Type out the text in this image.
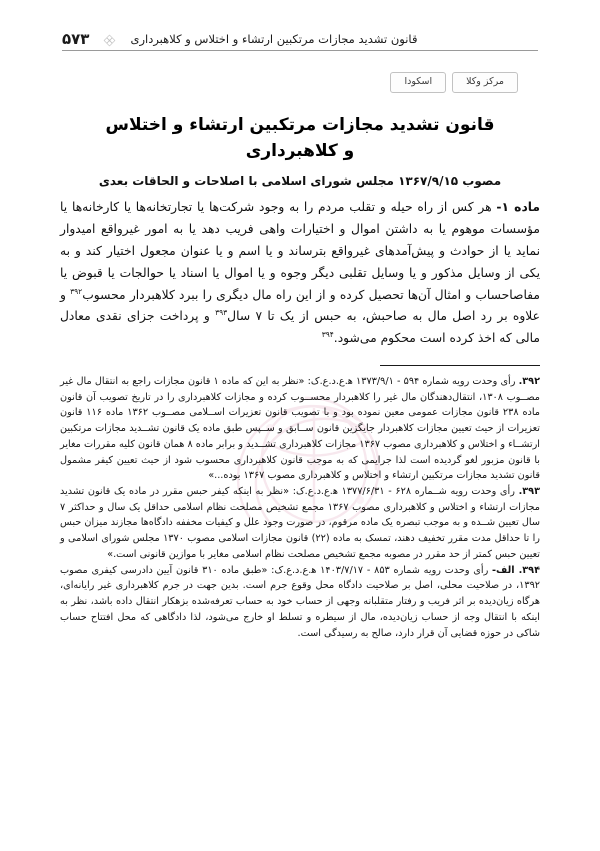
۵۷۳	قانون تشدید مجازات مرتکبین ارتشاء و اختلاس و کلاهبرداری
مرکز وکلا
اسکودا
قانون تشدید مجازات مرتکبین ارتشاء و اختلاس و کلاهبرداری
مصوب ۱۳۶۷/۹/۱۵ مجلس شورای اسلامی با اصلاحات و الحاقات بعدی

ماده ۱- هر کس از راه حیله و تقلب مردم را به وجود شرکت‌ها یا تجارتخانه‌ها یا کارخانه‌ها یا مؤسسات موهوم یا به داشتن اموال و اختیارات واهی فریب دهد یا به امور غیرواقع امیدوار نماید یا از حوادث و پیش‌آمدهای غیرواقع بترساند و یا اسم و یا عنوان مجعول اختیار کند و به یکی از وسایل مذکور و یا وسایل تقلبی دیگر وجوه و یا اموال یا اسناد یا حوالجات یا قبوض یا مفاصاحساب و امثال آن‌ها تحصیل کرده و از این راه مال دیگری را ببرد کلاهبردار محسوب$^{۳۹۲}$ و علاوه بر رد اصل مال به صاحبش، به حبس از یک تا ۷ سال$^{۳۹۳}$ و پرداخت جزای نقدی معادل مالی که اخذ کرده است محکوم می‌شود.$^{۳۹۴}$

۳۹۲. رأی وحدت رویه شماره ۵۹۴ - ۱۳۷۳/۹/۱ ه‍.ع.د.ع.ک: «نظر به این که ماده ۱ قانون مجازات راجع به انتقال مال غیر مصــوب ۱۳۰۸، انتقال‌دهندگان مال غیر را کلاهبردار محســوب کرده و مجازات کلاهبرداری را در تاریخ تصویب آن قانون ماده ۲۳۸ قانون مجازات عمومی معین نموده بود و با تصویب قانون تعزیرات اســلامی مصــوب ۱۳۶۲ ماده ۱۱۶ قانون تعزیرات از حیث تعیین مجازات کلاهبردار جایگزین قانون ســابق و ســپس طبق ماده یک قانون تشــدید مجازات مرتکبین ارتشــاء و اختلاس و کلاهبرداری مصوب ۱۳۶۷ مجازات کلاهبرداری تشــدید و برابر ماده ۸ همان قانون کلیه مقررات مغایر با قانون مزبور لغو گردیده است لذا جرایمی که به موجب قانون کلاهبرداری محسوب شود از حیث تعیین کیفر مشمول قانون تشدید مجازات مرتکبین ارتشاء و اختلاس و کلاهبرداری مصوب ۱۳۶۷ بوده...»

۳۹۳. رأی وحدت رویه شــماره ۶۲۸ - ۱۳۷۷/۶/۳۱ ه‍.ع.د.ع.ک: «نظر به اینکه کیفر حبس مقرر در ماده یک قانون تشدید مجازات ارتشاء و اختلاس و کلاهبرداری مصوب ۱۳۶۷ مجمع تشخیص مصلحت نظام اسلامی حداقل یک سال و حداکثر ۷ سال تعیین شــده و به موجب تبصره یک ماده مرقوم، در صورت وجود علل و کیفیات مخففه دادگاه‌ها مجازند میزان حبس را تا حداقل مدت مقرر تخفیف دهند، تمسک به ماده (۲۲) قانون مجازات اسلامی مصوب ۱۳۷۰ مجلس شورای اسلامی و تعیین حبس کمتر از حد مقرر در مصوبه مجمع تشخیص مصلحت نظام اسلامی مغایر با موازین قانونی است.»

۳۹۴. الف- رأی وحدت رویه شماره ۸۵۳ - ۱۴۰۳/۷/۱۷ ه‍.ع.د.ع.ک: «طبق ماده ۳۱۰ قانون آیین دادرسی کیفری مصوب ۱۳۹۲، در صلاحیت محلی، اصل بر صلاحیت دادگاه محل وقوع جرم است. بدین جهت در جرم کلاهبرداری غیر رایانه‌ای، هرگاه زیان‌دیده بر اثر فریب و رفتار متقلبانه وجهی از حساب خود به حساب تعرفه‌شده بزهکار انتقال داده باشد، نظر به اینکه با انتقال وجه از حساب زیان‌دیده، مال از سیطره و تسلط او خارج می‌شود، لذا دادگاهی که محل افتتاح حساب شاکی در حوزه قضایی آن قرار دارد، صالح به رسیدگی است.
